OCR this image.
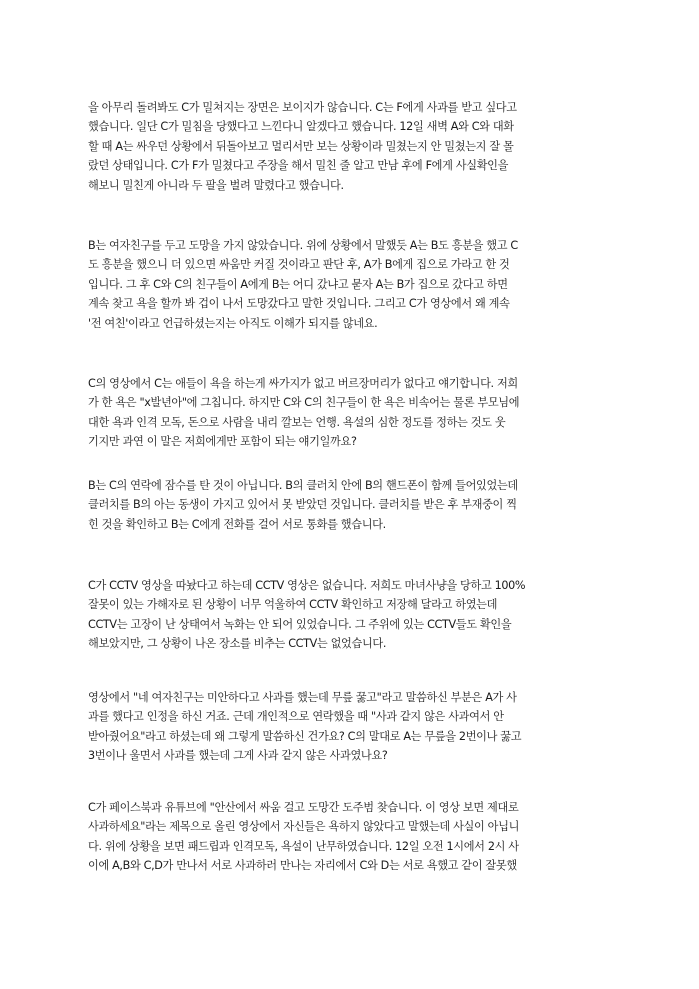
을 아무리 돌려봐도 C가 밀쳐지는 장면은 보이지가 않습니다. C는 F에게 사과를 받고 싶다고
했습니다. 일단 C가 밀침을 당했다고 느낀다니 알겠다고 했습니다. 12일 새벽 A와 C와 대화
할 때 A는 싸우던 상황에서 뒤돌아보고 멀리서만 보는 상황이라 밀쳤는지 안 밀쳤는지 잘 몰
랐던 상태입니다. C가 F가 밀쳤다고 주장을 해서 밀친 줄 알고 만남 후에 F에게 사실확인을
해보니 밀친게 아니라 두 팔을 벌려 말렸다고 했습니다.
B는 여자친구를 두고 도망을 가지 않았습니다. 위에 상황에서 말했듯 A는 B도 흥분을 했고 C
도 흥분을 했으니 더 있으면 싸움만 커질 것이라고 판단 후, A가 B에게 집으로 가라고 한 것
입니다. 그 후 C와 C의 친구들이 A에게 B는 어디 갔냐고 묻자 A는 B가 집으로 갔다고 하면
계속 찾고 욕을 할까 봐 겁이 나서 도망갔다고 말한 것입니다. 그리고 C가 영상에서 왜 계속
'전 여친'이라고 언급하셨는지는 아직도 이해가 되지를 않네요.
C의 영상에서 C는 애들이 욕을 하는게 싸가지가 없고 버르장머리가 없다고 얘기합니다. 저희
가 한 욕은 "x발년아"에 그칩니다. 하지만 C와 C의 친구들이 한 욕은 비속어는 물론 부모님에
대한 욕과 인격 모독, 돈으로 사람을 내리 깔보는 언행. 욕설의 심한 정도를 정하는 것도 웃
기지만 과연 이 말은 저희에게만 포함이 되는 얘기일까요?
B는 C의 연락에 잠수를 탄 것이 아닙니다. B의 클러치 안에 B의 핸드폰이 함께 들어있었는데
클러치를 B의 아는 동생이 가지고 있어서 못 받았던 것입니다. 클러치를 받은 후 부재중이 찍
힌 것을 확인하고 B는 C에게 전화를 걸어 서로 통화를 했습니다.
C가 CCTV 영상을 따놨다고 하는데 CCTV 영상은 없습니다. 저희도 마녀사냥을 당하고 100%
잘못이 있는 가해자로 된 상황이 너무 억울하여 CCTV 확인하고 저장해 달라고 하였는데
CCTV는 고장이 난 상태여서 녹화는 안 되어 있었습니다. 그 주위에 있는 CCTV들도 확인을
해보았지만, 그 상황이 나온 장소를 비추는 CCTV는 없었습니다.
영상에서 "네 여자친구는 미안하다고 사과를 했는데 무릎 꿇고"라고 말씀하신 부분은 A가 사
과를 했다고 인정을 하신 거죠. 근데 개인적으로 연락했을 때 "사과 같지 않은 사과여서 안
받아줬어요"라고 하셨는데 왜 그렇게 말씀하신 건가요? C의 말대로 A는 무릎을 2번이나 꿇고
3번이나 울면서 사과를 했는데 그게 사과 같지 않은 사과였나요?
C가 페이스북과 유튜브에 "안산에서 싸움 걸고 도망간 도주범 찾습니다. 이 영상 보면 제대로
사과하세요"라는 제목으로 올린 영상에서 자신들은 욕하지 않았다고 말했는데 사실이 아닙니
다. 위에 상황을 보면 패드립과 인격모독, 욕설이 난무하였습니다. 12일 오전 1시에서 2시 사
이에 A,B와 C,D가 만나서 서로 사과하러 만나는 자리에서 C와 D는 서로 욕했고 같이 잘못했
